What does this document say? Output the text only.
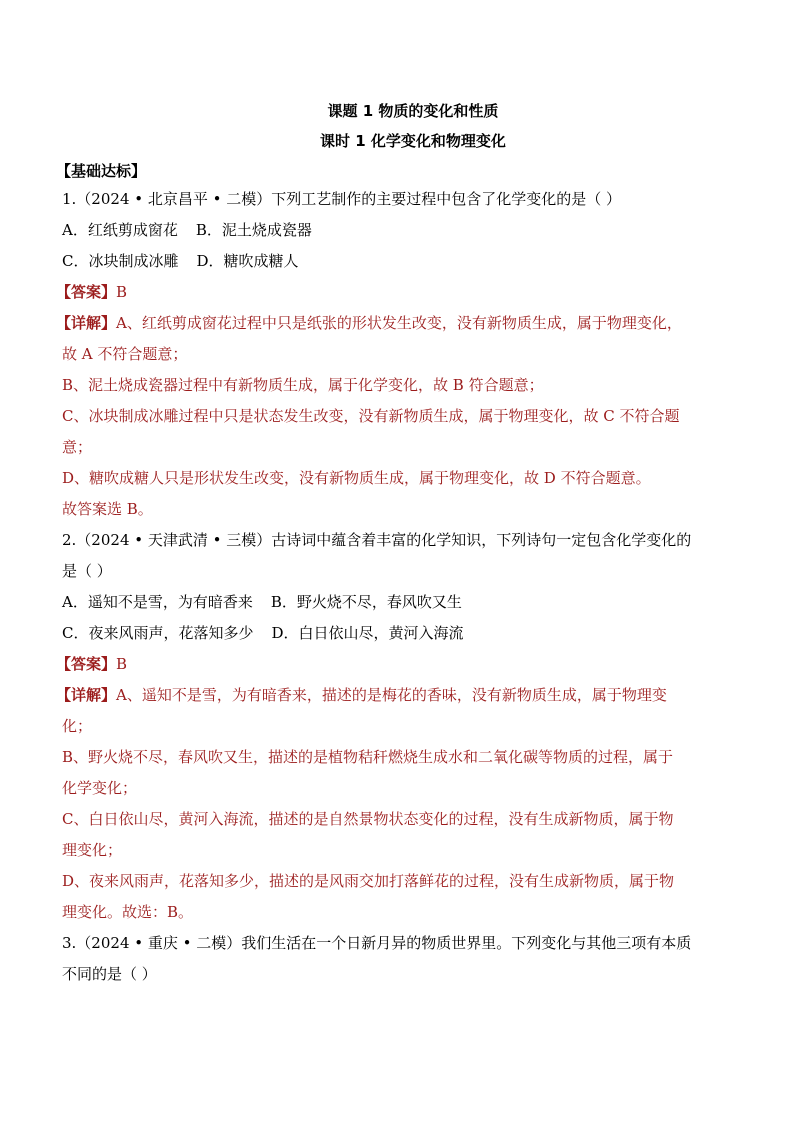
课题 1 物质的变化和性质
课时 1 化学变化和物理变化
【基础达标】
1.（2024 • 北京昌平 • 二模）下列工艺制作的主要过程中包含了化学变化的是（ ）
A．红纸剪成窗花 B．泥土烧成瓷器
C．冰块制成冰雕 D．糖吹成糖人
【答案】B
【详解】A、红纸剪成窗花过程中只是纸张的形状发生改变，没有新物质生成，属于物理变化，
故 A 不符合题意；
B、泥土烧成瓷器过程中有新物质生成，属于化学变化，故 B 符合题意；
C、冰块制成冰雕过程中只是状态发生改变，没有新物质生成，属于物理变化，故 C 不符合题
意；
D、糖吹成糖人只是形状发生改变，没有新物质生成，属于物理变化，故 D 不符合题意。
故答案选 B。
2.（2024 • 天津武清 • 三模）古诗词中蕴含着丰富的化学知识，下列诗句一定包含化学变化的
是（ ）
A．遥知不是雪，为有暗香来 B．野火烧不尽，春风吹又生
C．夜来风雨声，花落知多少 D．白日依山尽，黄河入海流
【答案】B
【详解】A、遥知不是雪，为有暗香来，描述的是梅花的香味，没有新物质生成，属于物理变
化；
B、野火烧不尽，春风吹又生，描述的是植物秸秆燃烧生成水和二氧化碳等物质的过程，属于
化学变化；
C、白日依山尽，黄河入海流，描述的是自然景物状态变化的过程，没有生成新物质，属于物
理变化；
D、夜来风雨声，花落知多少，描述的是风雨交加打落鲜花的过程，没有生成新物质，属于物
理变化。故选：B。
3.（2024 • 重庆 • 二模）我们生活在一个日新月异的物质世界里。下列变化与其他三项有本质
不同的是（ ）
